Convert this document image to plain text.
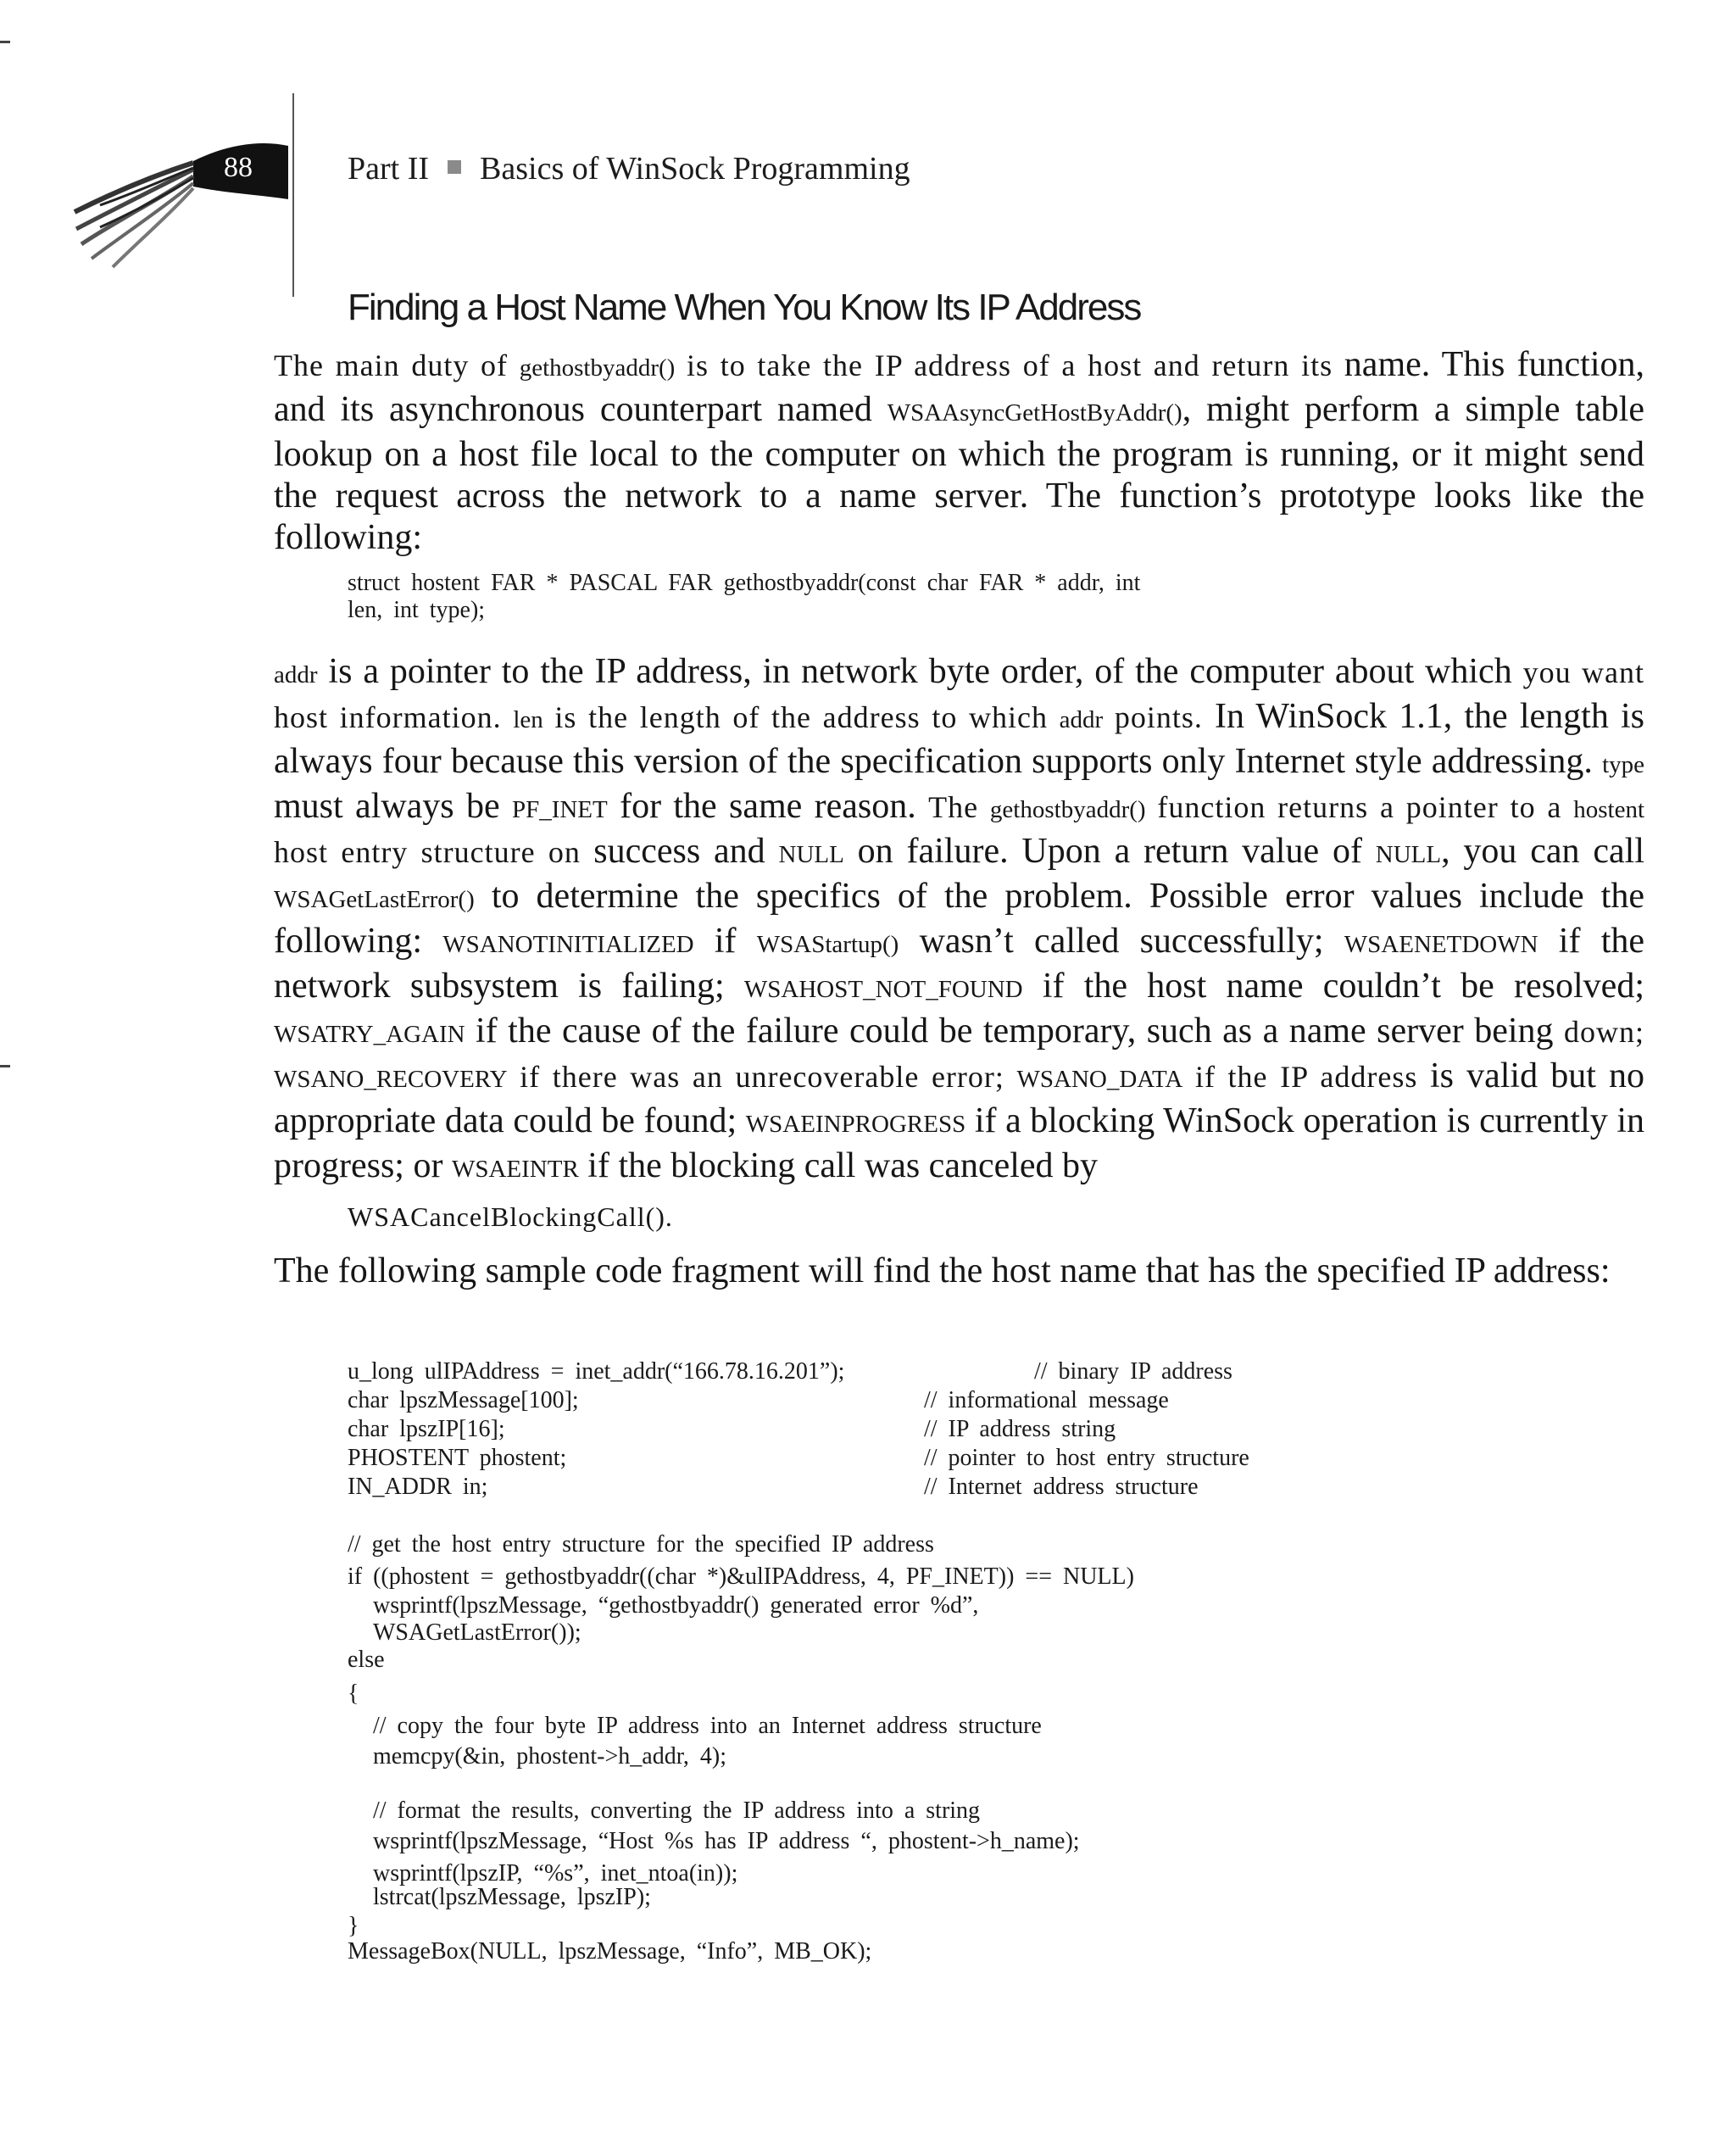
88	Part II Basics of WinSock Programming
Finding a Host Name When You Know Its IP Address

The main duty of gethostbyaddr() is to take the IP address of a host and return its name. This function, and its asynchronous counterpart named WSAAsyncGetHostByAddr(), might perform a simple table lookup on a host file local to the computer on which the program is running, or it might send the request across the network to a name server. The function’s prototype looks like the following:

struct hostent FAR * PASCAL FAR gethostbyaddr(const char FAR * addr, int
len, int type);

addr is a pointer to the IP address, in network byte order, of the computer about which you want host information. len is the length of the address to which addr points. In WinSock 1.1, the length is always four because this version of the specification supports only Internet style addressing. type must always be PF_INET for the same reason. The gethostbyaddr() function returns a pointer to a hostent host entry structure on success and NULL on failure. Upon a return value of NULL, you can call WSAGetLastError() to determine the specifics of the problem. Possible error values include the following: WSANOTINITIALIZED if WSAStartup() wasn’t called successfully; WSAENETDOWN if the network subsystem is failing; WSAHOST_NOT_FOUND if the host name couldn’t be resolved; WSATRY_AGAIN if the cause of the failure could be temporary, such as a name server being down; WSANO_RECOVERY if there was an unrecoverable error; WSANO_DATA if the IP address is valid but no appropriate data could be found; WSAEINPROGRESS if a blocking WinSock operation is currently in progress; or WSAEINTR if the blocking call was canceled by

WSACancelBlockingCall().

The following sample code fragment will find the host name that has the specified IP address:

u_long ulIPAddress = inet_addr(“166.78.16.201”);	// binary IP address
char lpszMessage[100];	// informational message
char lpszIP[16];	// IP address string
PHOSTENT phostent;	// pointer to host entry structure
IN_ADDR in;	// Internet address structure
// get the host entry structure for the specified IP address
if ((phostent = gethostbyaddr((char *)&ulIPAddress, 4, PF_INET)) == NULL)
wsprintf(lpszMessage, “gethostbyaddr() generated error %d”,
WSAGetLastError());
else
{
// copy the four byte IP address into an Internet address structure
memcpy(&in, phostent->h_addr, 4);
// format the results, converting the IP address into a string
wsprintf(lpszMessage, “Host %s has IP address “, phostent->h_name);
wsprintf(lpszIP, “%s”, inet_ntoa(in));
lstrcat(lpszMessage, lpszIP);
}
MessageBox(NULL, lpszMessage, “Info”, MB_OK);
